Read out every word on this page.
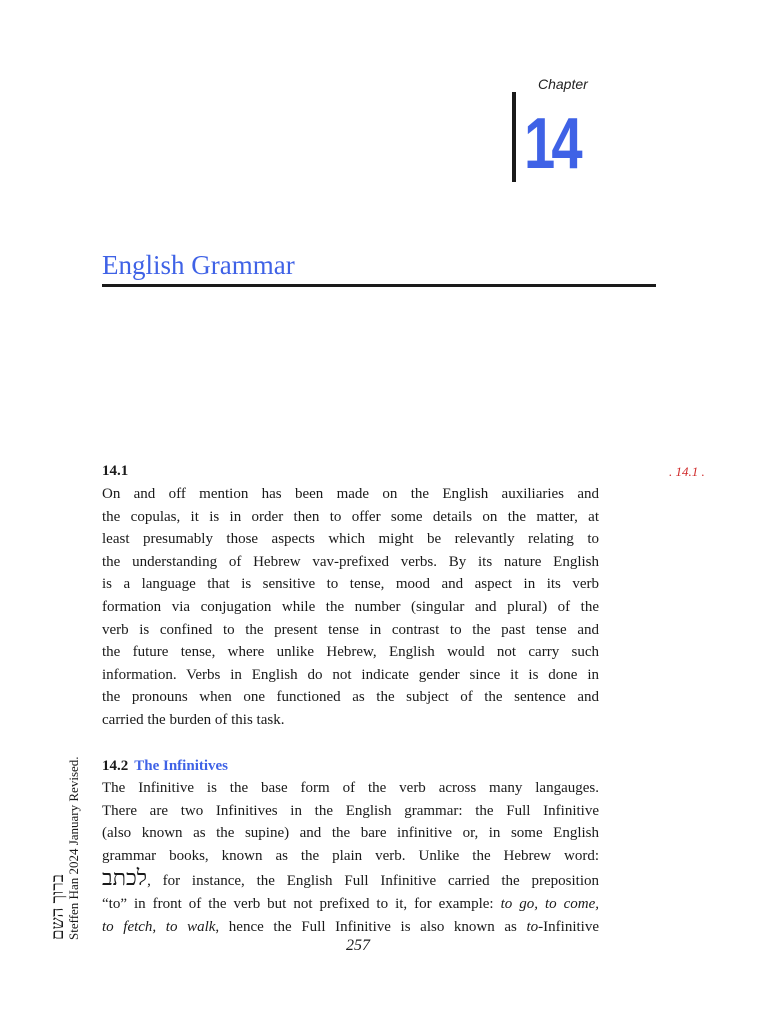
Chapter
14
English Grammar
. 14.1 .
14.1
On and off mention has been made on the English auxiliaries and
the copulas, it is in order then to offer some details on the matter, at
least presumably those aspects which might be relevantly relating to
the understanding of Hebrew vav-prefixed verbs. By its nature English
is a language that is sensitive to tense, mood and aspect in its verb
formation via conjugation while the number (singular and plural) of the
verb is confined to the present tense in contrast to the past tense and
the future tense, where unlike Hebrew, English would not carry such
information. Verbs in English do not indicate gender since it is done in
the pronouns when one functioned as the subject of the sentence and
carried the burden of this task.
14.2 The Infinitives
The Infinitive is the base form of the verb across many langauges.
There are two Infinitives in the English grammar: the Full Infinitive
(also known as the supine) and the bare infinitive or, in some English
grammar books, known as the plain verb. Unlike the Hebrew word:
לכתב, for instance, the English Full Infinitive carried the preposition
“to” in front of the verb but not prefixed to it, for example: to go, to come,
to fetch, to walk, hence the Full Infinitive is also known as to-Infinitive
ברוך השם Steffen Han 2024 January Revised.
257
